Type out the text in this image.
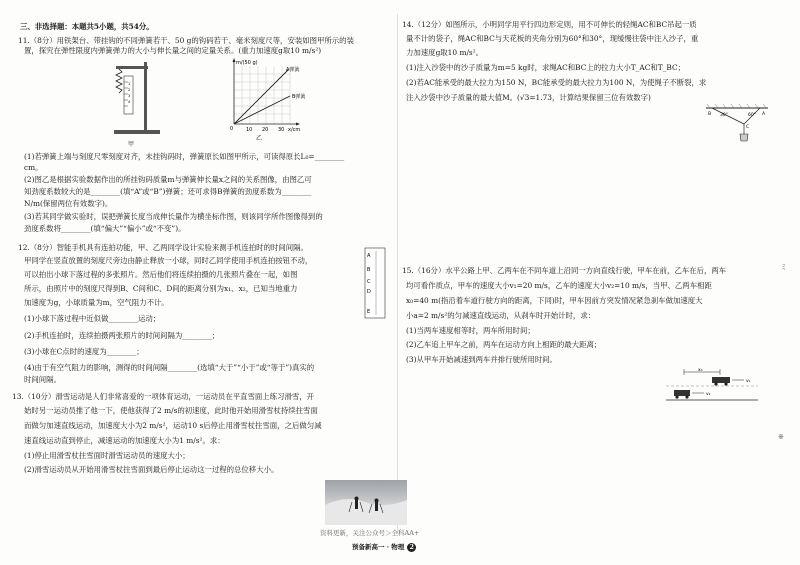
三、非选择题：本题共5小题，共54分。
11.（8分）用铁架台、带挂钩的不同弹簧若干、50 g的钩码若干、毫米刻度尺等，安装如图甲所示的装
置，探究在弹性限度内弹簧弹力的大小与伸长量之间的定量关系。(重力加速度g取10 m/s²)
1
2
3
4
甲
m/(50 g)
A弹簧
B弹簧
0	10 20 30 x/cm
乙
(1)若弹簧上端与刻度尺零刻度对齐，未挂钩码时，弹簧原长如图甲所示，可读得原长L₀=________
cm。
(2)图乙是根据实验数据作出的所挂钩码质量m与弹簧伸长量x之间的关系图像，由图乙可
知劲度系数较大的是________(填“A”或“B”)弹簧；还可求得B弹簧的劲度系数为________
N/m(保留两位有效数字)。
(3)若其同学做实验时，误把弹簧长度当成伸长量作为横坐标作图，则该同学所作图像得到的
劲度系数将________(填“偏大”“偏小”或“不变”)。
12.（8分）智能手机具有连拍功能，甲、乙两同学设计实验来测手机连拍时的时间间隔。
甲同学在竖直放置的刻度尺旁边由静止释放一小球，同时乙同学使用手机连拍按钮不动，
可以拍出小球下落过程的多张照片。然后他们将连续拍摄的几张照片叠在一起，如图
所示，由照片中的刻度尺得到B、C间和C、D间的距离分别为x₁、x₂，已知当地重力
加速度为g，小球质量为m，空气阻力不计。
(1)小球下落过程中近似做________运动；
(2)手机连拍时，连续拍摄两张照片的时间间隔为________；
(3)小球在C点时的速度为________；
(4)由于有空气阻力的影响，测得的时间间隔________(选填“大于”“小于”或“等于”)真实的
时间间隔。
A
B
C
D
E
13.（10分）滑雪运动是人们非常喜爱的一项体育运动，一运动员在平直雪面上练习滑雪，开
始时另一运动员推了他一下，使他获得了2 m/s的初速度，此时他开始用滑雪杖持续拄雪面
而做匀加速直线运动，加速度大小为2 m/s²，运动10 s后停止用滑雪杖拄雪面，之后做匀减
速直线运动直到停止，减速运动的加速度大小为1 m/s²。求：
(1)停止用滑雪杖拄雪面时滑雪运动员的速度大小；
(2)滑雪运动员从开始用滑雪杖拄雪面到最后停止运动这一过程的总位移大小。
14.（12分）如图所示，小明同学用平行四边形定则，用不可伸长的轻绳AC和BC吊起一质
量不计的袋子，绳AC和BC与天花板的夹角分别为60°和30°，现缓慢往袋中注入沙子，重
力加速度g取10 m/s²。
(1)注入沙袋中的沙子质量为m=5 kg时，求绳AC和BC上的拉力大小T_AC和T_BC；
(2)若AC能承受的最大拉力为150 N，BC能承受的最大拉力为100 N，为使绳子不断裂，求
注入沙袋中沙子质量的最大值M。(√3=1.73，计算结果保留三位有效数字)
30°	60°
B
C
A
15.（16分）水平公路上甲、乙两车在不同车道上沿同一方向直线行驶，甲车在前，乙车在后，两车
均可看作质点，甲车的速度大小v₁=20 m/s，乙车的速度大小v₂=10 m/s，当甲、乙两车相距
x₀=40 m(指沿着车道行驶方向的距离，下同)时，甲车因前方突发情况紧急刹车做加速度大
小a=2 m/s²的匀减速直线运动，从刹车时开始计时，求：
(1)当两车速度相等时，两车所用时间；
(2)乙车追上甲车之前，两车在运动方向上相距的最大距离；
(3)从甲车开始减速到两车并排行驶所用时间。
x₀
v₁
v₂
ミ
※
资料更新，关注公众号＞全科AA+
预备新高一 · 物理 2
